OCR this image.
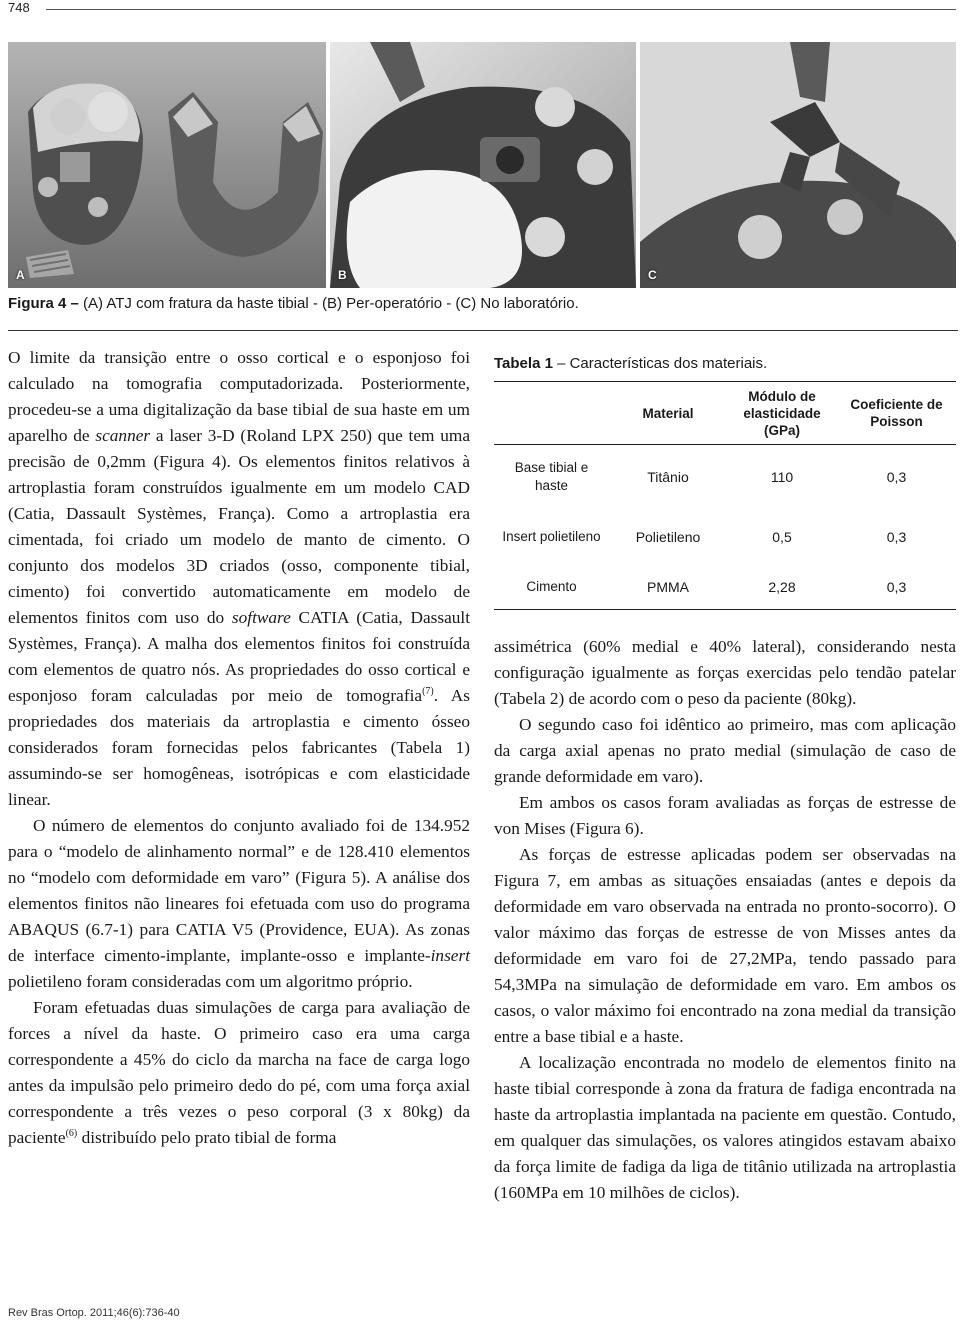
748
A	B	C
Figura 4 – (A) ATJ com fratura da haste tibial - (B) Per-operatório - (C) No laboratório.

O limite da transição entre o osso cortical e o esponjoso foi calculado na tomografia computadorizada. Posteriormente, procedeu-se a uma digitalização da base tibial de sua haste em um aparelho de scanner a laser 3-D (Roland LPX 250) que tem uma precisão de 0,2mm (Figura 4). Os elementos finitos relativos à artroplastia foram construídos igualmente em um modelo CAD (Catia, Dassault Systèmes, França). Como a artroplastia era cimentada, foi criado um modelo de manto de cimento. O conjunto dos modelos 3D criados (osso, componente tibial, cimento) foi convertido automaticamente em modelo de elementos finitos com uso do software CATIA (Catia, Dassault Systèmes, França). A malha dos elementos finitos foi construída com elementos de quatro nós. As propriedades do osso cortical e esponjoso foram calculadas por meio de tomografia$^{(7)}$. As propriedades dos materiais da artroplastia e cimento ósseo considerados foram fornecidas pelos fabricantes (Tabela 1) assumindo-se ser homogêneas, isotrópicas e com elasticidade linear.

O número de elementos do conjunto avaliado foi de 134.952 para o “modelo de alinhamento normal” e de 128.410 elementos no “modelo com deformidade em varo” (Figura 5). A análise dos elementos finitos não lineares foi efetuada com uso do programa ABAQUS (6.7-1) para CATIA V5 (Providence, EUA). As zonas de interface cimento-implante, implante-osso e implante-insert polietileno foram consideradas com um algoritmo próprio.

Foram efetuadas duas simulações de carga para avaliação de forces a nível da haste. O primeiro caso era uma carga correspondente a 45% do ciclo da marcha na face de carga logo antes da impulsão pelo primeiro dedo do pé, com uma força axial correspondente a três vezes o peso corporal (3 x 80kg) da paciente$^{(6)}$ distribuído pelo prato tibial de forma

Tabela 1 – Características dos materiais.
	Material	Módulo de elasticidade (GPa)	Coeficiente de Poisson
Base tibial e haste	Titânio	110	0,3
Insert polietileno	Polietileno	0,5	0,3
Cimento	PMMA	2,28	0,3

assimétrica (60% medial e 40% lateral), considerando nesta configuração igualmente as forças exercidas pelo tendão patelar (Tabela 2) de acordo com o peso da paciente (80kg).

O segundo caso foi idêntico ao primeiro, mas com aplicação da carga axial apenas no prato medial (simulação de caso de grande deformidade em varo).

Em ambos os casos foram avaliadas as forças de estresse de von Mises (Figura 6).

As forças de estresse aplicadas podem ser observadas na Figura 7, em ambas as situações ensaiadas (antes e depois da deformidade em varo observada na entrada no pronto-socorro). O valor máximo das forças de estresse de von Misses antes da deformidade em varo foi de 27,2MPa, tendo passado para 54,3MPa na simulação de deformidade em varo. Em ambos os casos, o valor máximo foi encontrado na zona medial da transição entre a base tibial e a haste.

A localização encontrada no modelo de elementos finito na haste tibial corresponde à zona da fratura de fadiga encontrada na haste da artroplastia implantada na paciente em questão. Contudo, em qualquer das simulações, os valores atingidos estavam abaixo da força limite de fadiga da liga de titânio utilizada na artroplastia (160MPa em 10 milhões de ciclos).

Rev Bras Ortop. 2011;46(6):736-40
